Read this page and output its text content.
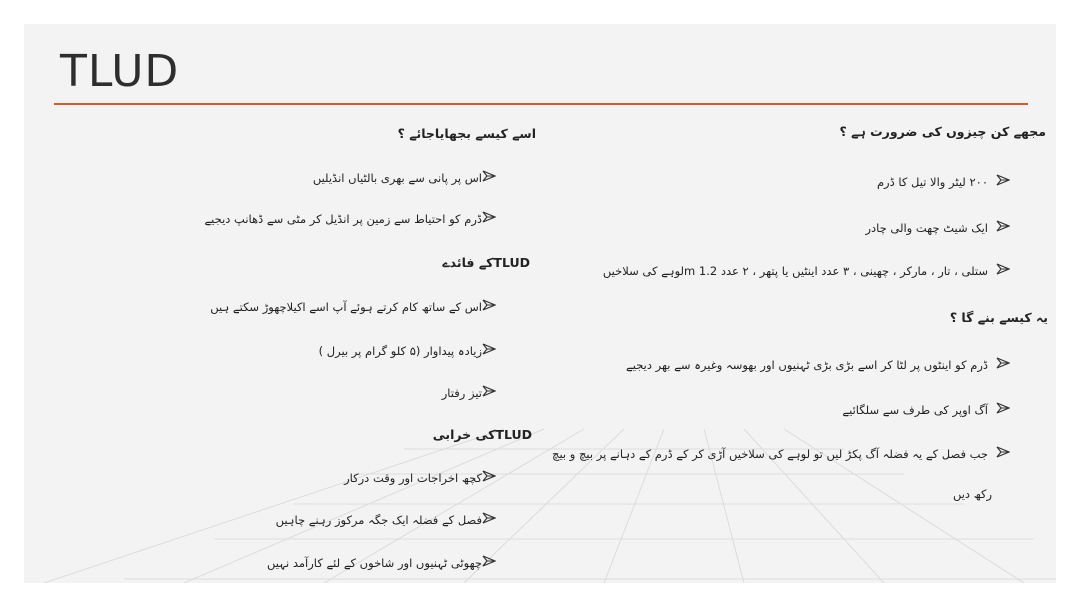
TLUD
مجھے کن چیزوں کی ضرورت ہے ؟
۲۰۰ لیٹر والا تیل کا ڈرم
ایک شیٹ چھت والی چادر
ستلی ، تار ، مارکر ، چھینی ، ۳ عدد اینٹیں یا پتھر ، ۲ عدد 1.2 mلوہے کی سلاخیں
یہ کیسے بنے گا ؟
ڈرم کو اینٹوں پر لٹا کر اسے بڑی بڑی ٹہنیوں اور بھوسہ وغیرہ سے بھر دیجیے
آگ اوپر کی طرف سے سلگائیے
جب فصل کے یہ فضلہ آگ پکڑ لیں تو لوہے کی سلاخیں آڑی کر کے ڈرم کے دہانے پر بیچ و بیچ
رکھ دیں
اسے کیسے بجھایاجائے ؟
اس پر پانی سے بھری بالٹیاں انڈیلیں
ڈرم کو احتیاط سے زمین پر انڈیل کر مٹی سے ڈھانپ دیجیے
TLUDکے فائدے
اس کے ساتھ کام کرتے ہوئے آپ اسے اکیلاچھوڑ سکتے ہیں
زیادہ پیداوار (۵ کلو گرام پر بیرل )
تیز رفتار
TLUDکی خرابی
کچھ اخراجات اور وقت درکار
فصل کے فضلہ ایک جگہ مرکوز رہنے چاہیں
چھوٹی ٹہنیوں اور شاخوں کے لئے کارآمد نہیں
